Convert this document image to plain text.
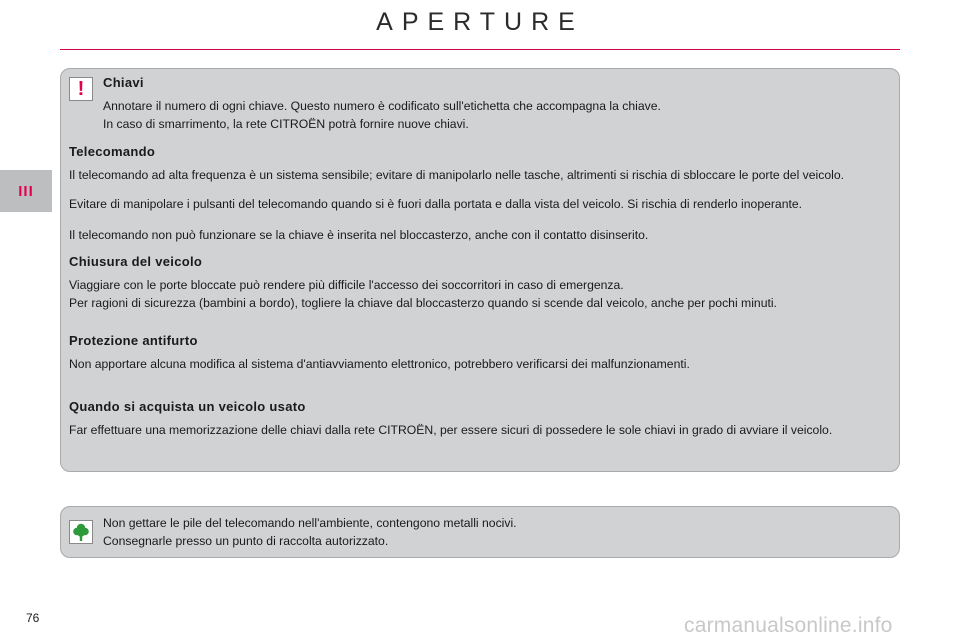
APERTURE
III
! Chiavi
Annotare il numero di ogni chiave. Questo numero è codificato sull'etichetta che accompagna la chiave.
In caso di smarrimento, la rete CITROËN potrà fornire nuove chiavi.
Telecomando
Il telecomando ad alta frequenza è un sistema sensibile; evitare di manipolarlo nelle tasche, altrimenti si rischia di sbloccare le porte del veicolo.
Evitare di manipolare i pulsanti del telecomando quando si è fuori dalla portata e dalla vista del veicolo. Si rischia di renderlo inoperante.
Il telecomando non può funzionare se la chiave è inserita nel bloccasterzo, anche con il contatto disinserito.
Chiusura del veicolo
Viaggiare con le porte bloccate può rendere più difficile l'accesso dei soccorritori in caso di emergenza.
Per ragioni di sicurezza (bambini a bordo), togliere la chiave dal bloccasterzo quando si scende dal veicolo, anche per pochi minuti.
Protezione antifurto
Non apportare alcuna modifica al sistema d'antiavviamento elettronico, potrebbero verificarsi dei malfunzionamenti.
Quando si acquista un veicolo usato
Far effettuare una memorizzazione delle chiavi dalla rete CITROËN, per essere sicuri di possedere le sole chiavi in grado di avviare il veicolo.
Non gettare le pile del telecomando nell'ambiente, contengono metalli nocivi.
Consegnarle presso un punto di raccolta autorizzato.
76	carmanualsonline.info
